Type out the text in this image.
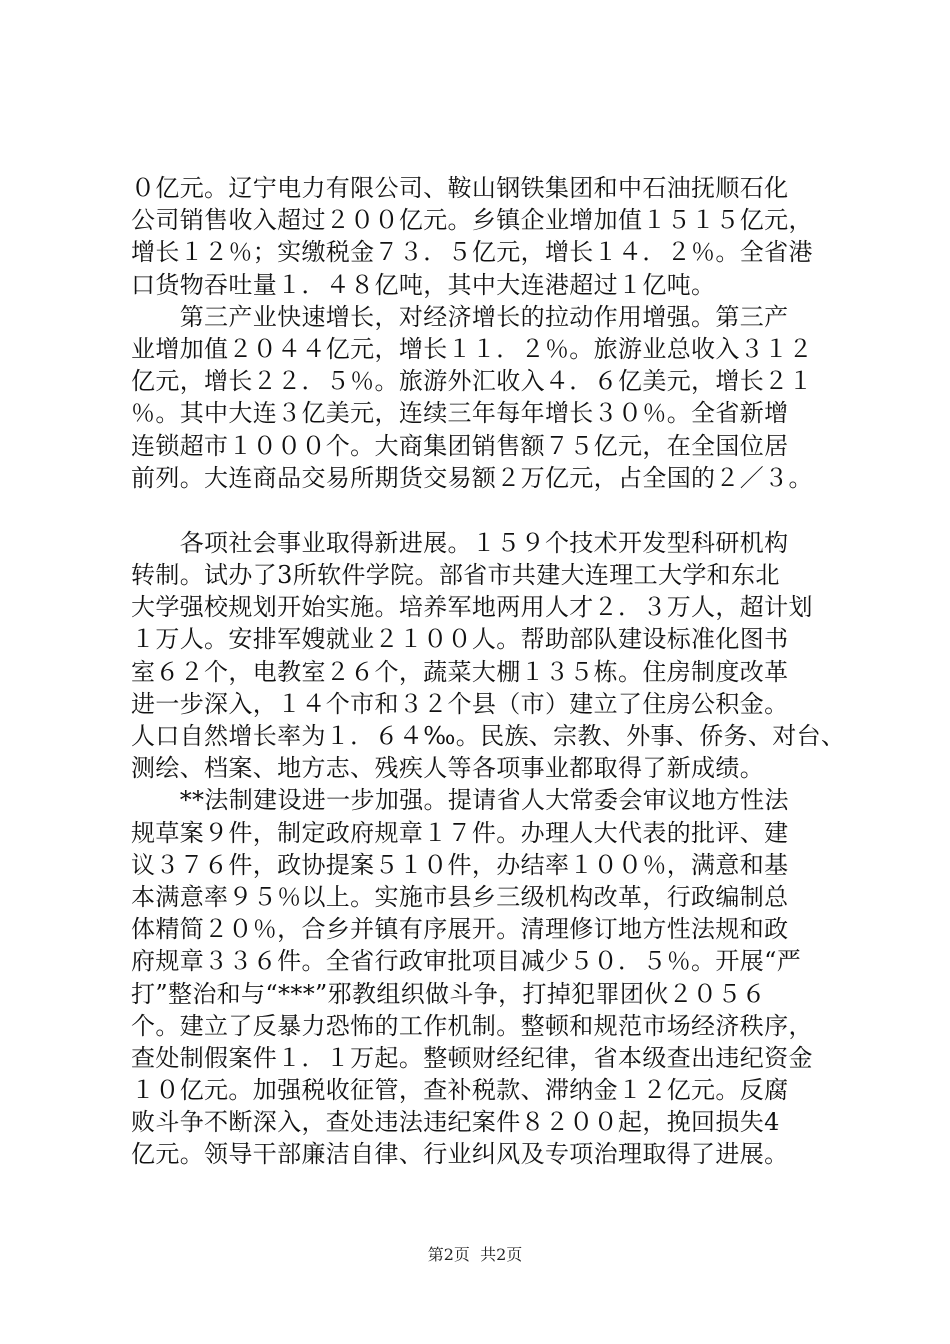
０亿元。辽宁电力有限公司、鞍山钢铁集团和中石油抚顺石化
公司销售收入超过２００亿元。乡镇企业增加值１５１５亿元，
增长１２％；实缴税金７３．５亿元，增长１４．２％。全省港
口货物吞吐量１．４８亿吨，其中大连港超过１亿吨。
　　第三产业快速增长，对经济增长的拉动作用增强。第三产
业增加值２０４４亿元，增长１１．２％。旅游业总收入３１２
亿元，增长２２．５％。旅游外汇收入４．６亿美元，增长２１
％。其中大连３亿美元，连续三年每年增长３０％。全省新增
连锁超市１０００个。大商集团销售额７５亿元，在全国位居
前列。大连商品交易所期货交易额２万亿元，占全国的２／３。
　　各项社会事业取得新进展。１５９个技术开发型科研机构
转制。试办了3所软件学院。部省市共建大连理工大学和东北
大学强校规划开始实施。培养军地两用人才２．３万人，超计划
１万人。安排军嫂就业２１００人。帮助部队建设标准化图书
室６２个，电教室２６个，蔬菜大棚１３５栋。住房制度改革
进一步深入，１４个市和３２个县（市）建立了住房公积金。
人口自然增长率为１．６４‰。民族、宗教、外事、侨务、对台、
测绘、档案、地方志、残疾人等各项事业都取得了新成绩。
　　**法制建设进一步加强。提请省人大常委会审议地方性法
规草案９件，制定政府规章１７件。办理人大代表的批评、建
议３７６件，政协提案５１０件，办结率１００％，满意和基
本满意率９５％以上。实施市县乡三级机构改革，行政编制总
体精简２０％，合乡并镇有序展开。清理修订地方性法规和政
府规章３３６件。全省行政审批项目减少５０．５％。开展“严
打”整治和与“***”邪教组织做斗争，打掉犯罪团伙２０５６
个。建立了反暴力恐怖的工作机制。整顿和规范市场经济秩序，
查处制假案件１．１万起。整顿财经纪律，省本级查出违纪资金
１０亿元。加强税收征管，查补税款、滞纳金１２亿元。反腐
败斗争不断深入，查处违法违纪案件８２００起，挽回损失4
亿元。领导干部廉洁自律、行业纠风及专项治理取得了进展。
第2页  共2页
